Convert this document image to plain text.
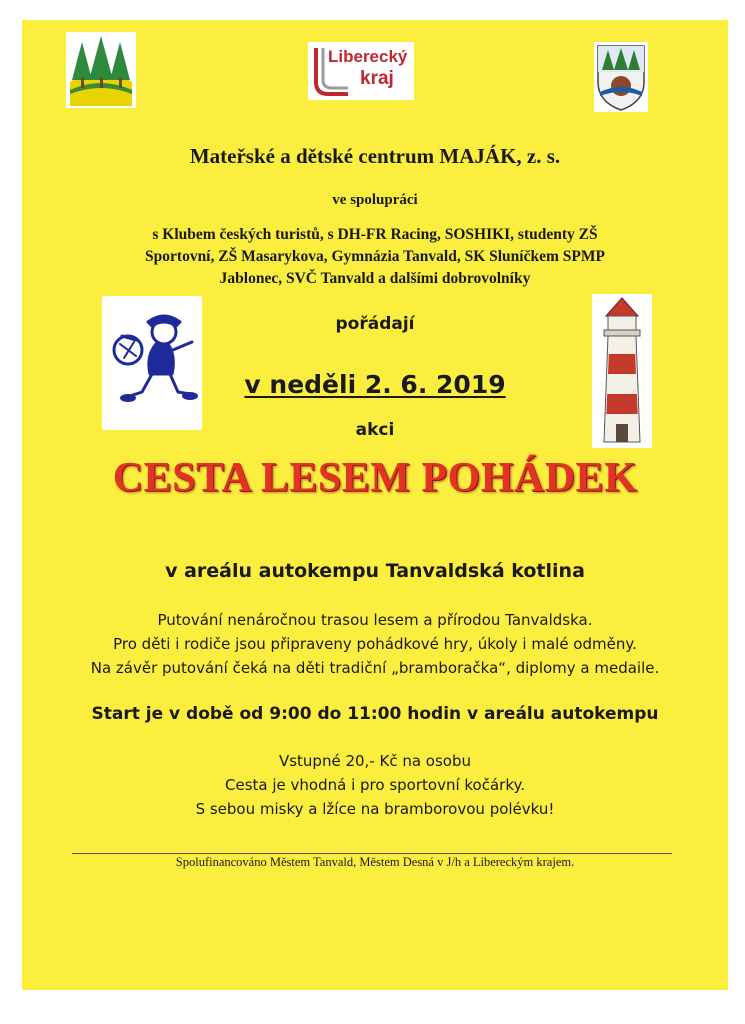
Liberecký
kraj
Mateřské a dětské centrum MAJÁK, z. s.
ve spolupráci
s Klubem českých turistů, s DH-FR Racing, SOSHIKI, studenty ZŠ
Sportovní, ZŠ Masarykova, Gymnázia Tanvald, SK Sluníčkem SPMP
Jablonec, SVČ Tanvald a dalšími dobrovolníky
pořádají
v neděli 2. 6. 2019
akci
CESTA LESEM POHÁDEK
v areálu autokempu Tanvaldská kotlina
Putování nenáročnou trasou lesem a přírodou Tanvaldska.
Pro děti i rodiče jsou připraveny pohádkové hry, úkoly i malé odměny.
Na závěr putování čeká na děti tradiční „bramboračka“, diplomy a medaile.
Start je v době od 9:00 do 11:00 hodin v areálu autokempu
Vstupné 20,- Kč na osobu
Cesta je vhodná i pro sportovní kočárky.
S sebou misky a lžíce na bramborovou polévku!
Spolufinancováno Městem Tanvald, Městem Desná v J/h a Libereckým krajem.
